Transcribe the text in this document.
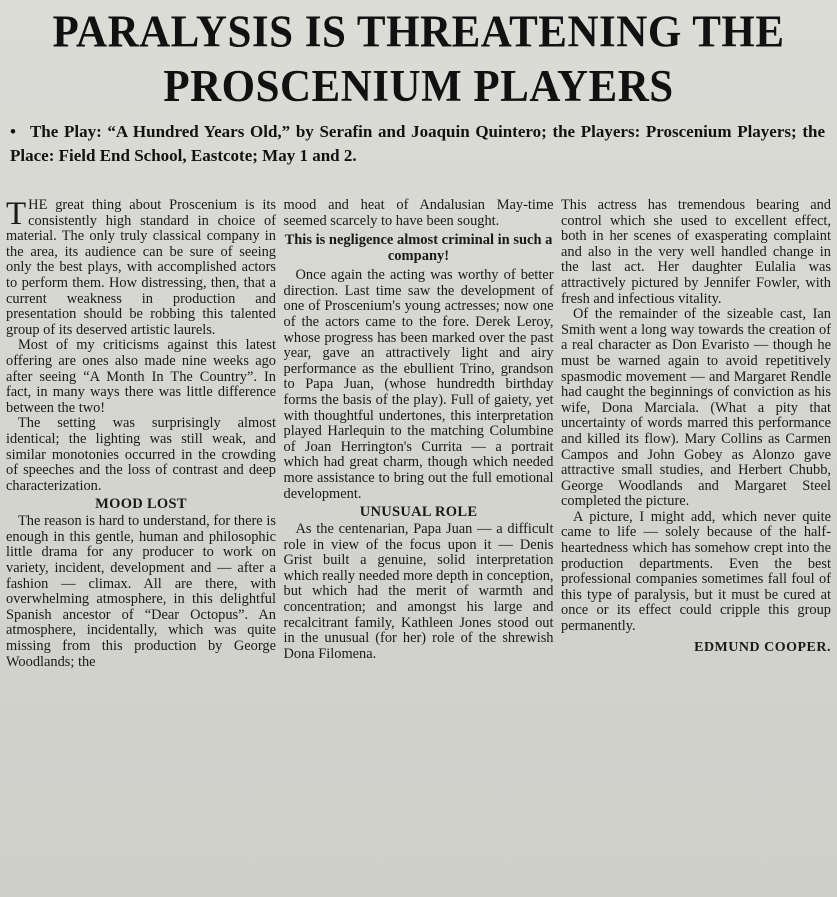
PARALYSIS IS THREATENING THE PROSCENIUM PLAYERS
• The Play: “A Hundred Years Old,” by Serafin and Joaquin Quintero; the Players: Proscenium Players; the Place: Field End School, Eastcote; May 1 and 2.

THE great thing about Proscenium is its consistently high standard in choice of material. The only truly classical company in the area, its audience can be sure of seeing only the best plays, with accomplished actors to perform them. How distressing, then, that a current weakness in production and presentation should be robbing this talented group of its deserved artistic laurels.

Most of my criticisms against this latest offering are ones also made nine weeks ago after seeing “A Month In The Country”. In fact, in many ways there was little difference between the two!

The setting was surprisingly almost identical; the lighting was still weak, and similar monotonies occurred in the crowding of speeches and the loss of contrast and deep characterization.

MOOD LOST

The reason is hard to understand, for there is enough in this gentle, human and philosophic little drama for any producer to work on variety, incident, development and — after a fashion — climax. All are there, with overwhelming atmosphere, in this delightful Spanish ancestor of “Dear Octopus”. An atmosphere, incidentally, which was quite missing from this production by George Woodlands; the

mood and heat of Andalusian May-time seemed scarcely to have been sought.

This is negligence almost criminal in such a company!

Once again the acting was worthy of better direction. Last time saw the development of one of Proscenium's young actresses; now one of the actors came to the fore. Derek Leroy, whose progress has been marked over the past year, gave an attractively light and airy performance as the ebullient Trino, grandson to Papa Juan, (whose hundredth birthday forms the basis of the play). Full of gaiety, yet with thoughtful undertones, this interpretation played Harlequin to the matching Columbine of Joan Herrington's Currita — a portrait which had great charm, though which needed more assistance to bring out the full emotional development.

UNUSUAL ROLE

As the centenarian, Papa Juan — a difficult role in view of the focus upon it — Denis Grist built a genuine, solid interpretation which really needed more depth in conception, but which had the merit of warmth and concentration; and amongst his large and recalcitrant family, Kathleen Jones stood out in the unusual (for her) role of the shrewish Dona Filomena.

This actress has tremendous bearing and control which she used to excellent effect, both in her scenes of exasperating complaint and also in the very well handled change in the last act. Her daughter Eulalia was attractively pictured by Jennifer Fowler, with fresh and infectious vitality.

Of the remainder of the sizeable cast, Ian Smith went a long way towards the creation of a real character as Don Evaristo — though he must be warned again to avoid repetitively spasmodic movement — and Margaret Rendle had caught the beginnings of conviction as his wife, Dona Marciala. (What a pity that uncertainty of words marred this performance and killed its flow). Mary Collins as Carmen Campos and John Gobey as Alonzo gave attractive small studies, and Herbert Chubb, George Woodlands and Margaret Steel completed the picture.

A picture, I might add, which never quite came to life — solely because of the half-heartedness which has somehow crept into the production departments. Even the best professional companies sometimes fall foul of this type of paralysis, but it must be cured at once or its effect could cripple this group permanently.

EDMUND COOPER.
